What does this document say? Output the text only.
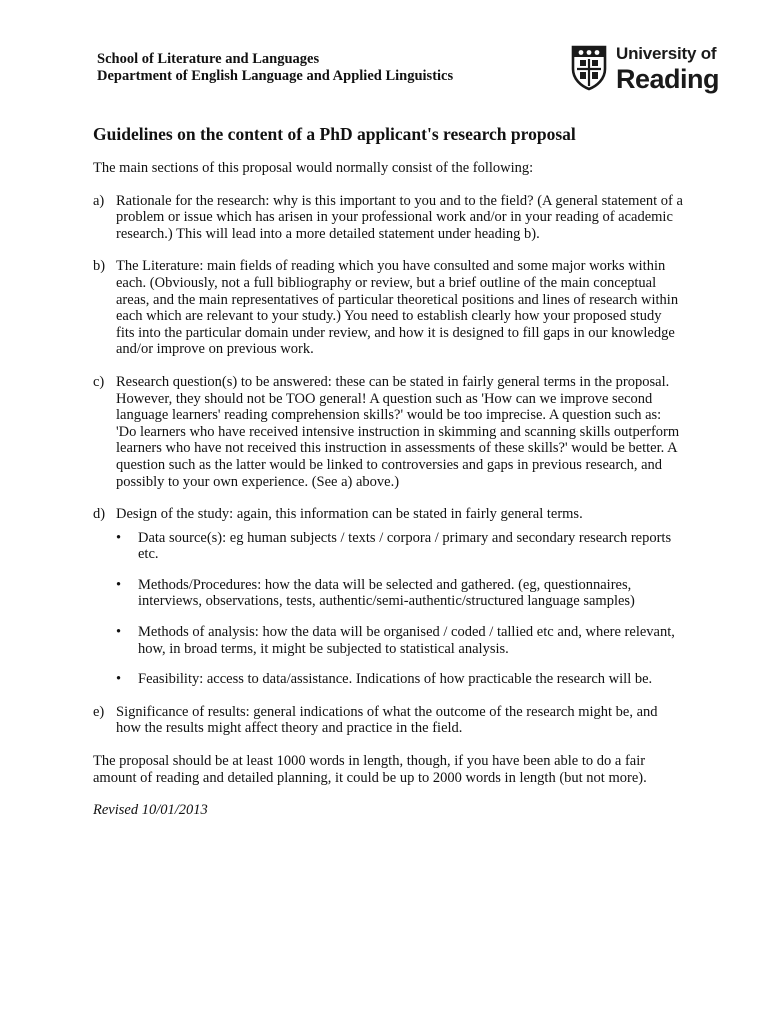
School of Literature and Languages
Department of English Language and Applied Linguistics
University of
Reading
Guidelines on the content of a PhD applicant's research proposal
The main sections of this proposal would normally consist of the following:
a) Rationale for the research: why is this important to you and to the field? (A general statement of a problem or issue which has arisen in your professional work and/or in your reading of academic research.) This will lead into a more detailed statement under heading b).
b) The Literature: main fields of reading which you have consulted and some major works within each. (Obviously, not a full bibliography or review, but a brief outline of the main conceptual areas, and the main representatives of particular theoretical positions and lines of research within each which are relevant to your study.) You need to establish clearly how your proposed study fits into the particular domain under review, and how it is designed to fill gaps in our knowledge and/or improve on previous work.
c) Research question(s) to be answered: these can be stated in fairly general terms in the proposal. However, they should not be TOO general! A question such as 'How can we improve second language learners' reading comprehension skills?' would be too imprecise. A question such as: 'Do learners who have received intensive instruction in skimming and scanning skills outperform learners who have not received this instruction in assessments of these skills?' would be better. A question such as the latter would be linked to controversies and gaps in previous research, and possibly to your own experience. (See a) above.)
d) Design of the study: again, this information can be stated in fairly general terms.
•	Data source(s): eg human subjects / texts / corpora / primary and secondary research reports etc.
•	Methods/Procedures: how the data will be selected and gathered. (eg, questionnaires, interviews, observations, tests, authentic/semi-authentic/structured language samples)
•	Methods of analysis: how the data will be organised / coded / tallied etc and, where relevant, how, in broad terms, it might be subjected to statistical analysis.
•	Feasibility: access to data/assistance. Indications of how practicable the research will be.
e) Significance of results: general indications of what the outcome of the research might be, and how the results might affect theory and practice in the field.
The proposal should be at least 1000 words in length, though, if you have been able to do a fair amount of reading and detailed planning, it could be up to 2000 words in length (but not more).
Revised 10/01/2013
